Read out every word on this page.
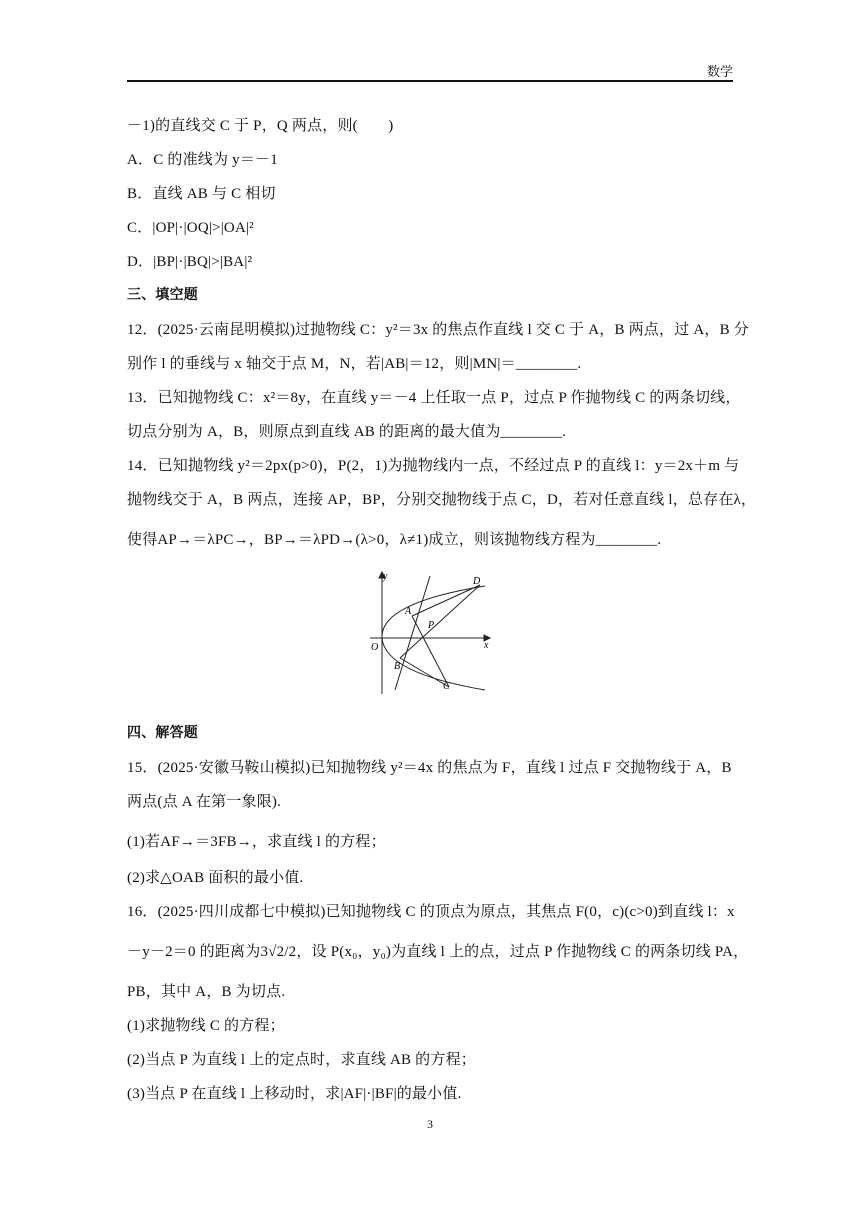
数学
－1)的直线交 C 于 P，Q 两点，则(　　)
A．C 的准线为 y＝－1
B．直线 AB 与 C 相切
C．|OP|·|OQ|>|OA|²
D．|BP|·|BQ|>|BA|²
三、填空题
12．(2025·云南昆明模拟)过抛物线 C：y²＝3x 的焦点作直线 l 交 C 于 A，B 两点，过 A，B 分
别作 l 的垂线与 x 轴交于点 M，N，若|AB|＝12，则|MN|＝________.
13．已知抛物线 C：x²＝8y，在直线 y＝－4 上任取一点 P，过点 P 作抛物线 C 的两条切线，
切点分别为 A，B，则原点到直线 AB 的距离的最大值为________.
14．已知抛物线 y²＝2px(p>0)，P(2，1)为抛物线内一点，不经过点 P 的直线 l：y＝2x＋m 与
抛物线交于 A，B 两点，连接 AP，BP，分别交抛物线于点 C，D，若对任意直线 l，总存在λ，
使得AP→＝λPC→，BP→＝λPD→(λ>0，λ≠1)成立，则该抛物线方程为________.
y
x
O
A
B
C
D
P
四、解答题
15．(2025·安徽马鞍山模拟)已知抛物线 y²＝4x 的焦点为 F，直线 l 过点 F 交抛物线于 A，B
两点(点 A 在第一象限).
(1)若AF→＝3FB→，求直线 l 的方程；
(2)求△OAB 面积的最小值.
16．(2025·四川成都七中模拟)已知抛物线 C 的顶点为原点，其焦点 F(0，c)(c>0)到直线 l：x
－y－2＝0 的距离为3√2/2，设 P(x₀，y₀)为直线 l 上的点，过点 P 作抛物线 C 的两条切线 PA，
PB，其中 A，B 为切点.
(1)求抛物线 C 的方程；
(2)当点 P 为直线 l 上的定点时，求直线 AB 的方程；
(3)当点 P 在直线 l 上移动时，求|AF|·|BF|的最小值.
3
